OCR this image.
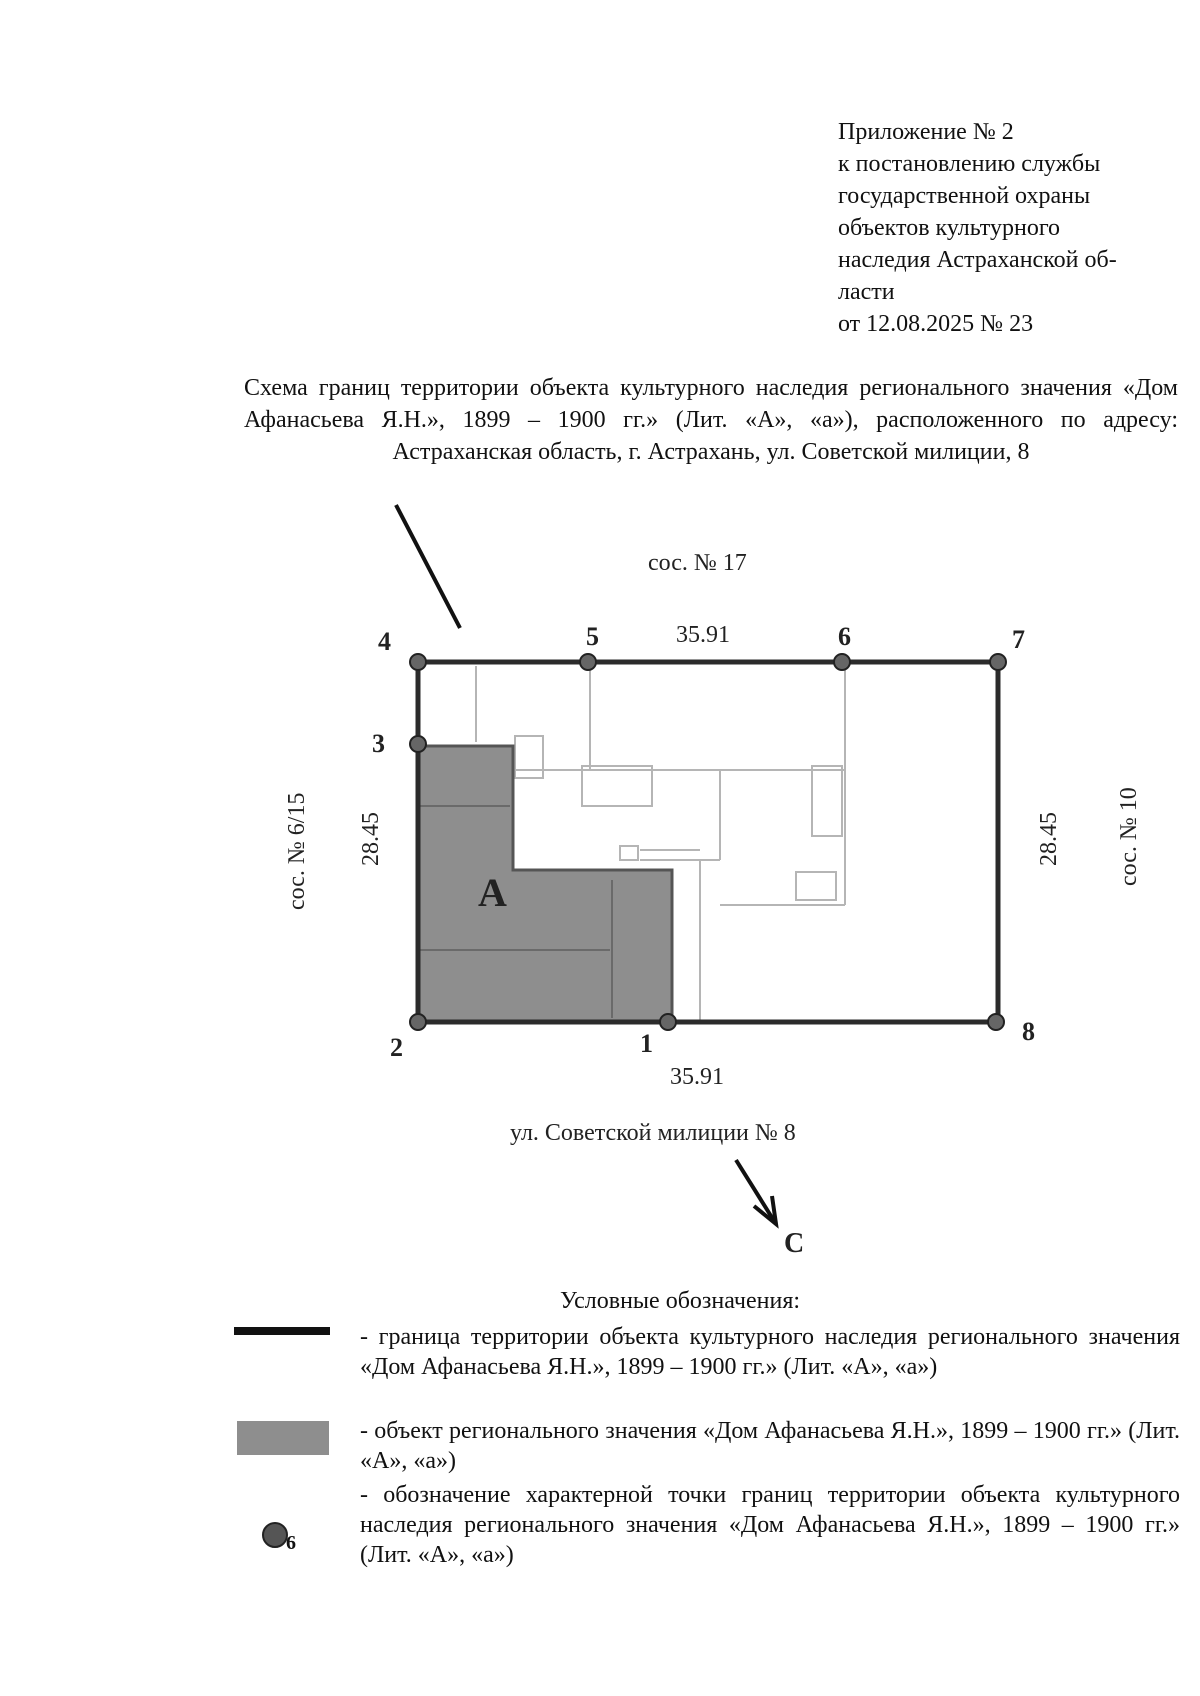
Приложение № 2
к постановлению службы
государственной охраны
объектов культурного
наследия Астраханской об-
ласти
от 12.08.2025 № 23
Схема границ территории объекта культурного наследия регионального значения «Дом Афанасьева Я.Н.», 1899 – 1900 гг.» (Лит. «А», «а»), расположенного по адресу: Астраханская область, г. Астрахань, ул. Советской милиции, 8
1
2
3
4	5	6	7
8
35.91
35.91
28.45	28.45
сос. № 17
сос. № 6/15	сос. № 10
ул. Советской милиции № 8
А
С
Условные обозначения:
- граница территории объекта культурного наследия регионального значения «Дом Афанасьева Я.Н.», 1899 – 1900 гг.» (Лит. «А», «а»)
- объект регионального значения «Дом Афанасьева Я.Н.», 1899 – 1900 гг.» (Лит. «А», «а»)
6
- обозначение характерной точки границ территории объекта культурного наследия регионального значения «Дом Афанасьева Я.Н.», 1899 – 1900 гг.» (Лит. «А», «а»)
